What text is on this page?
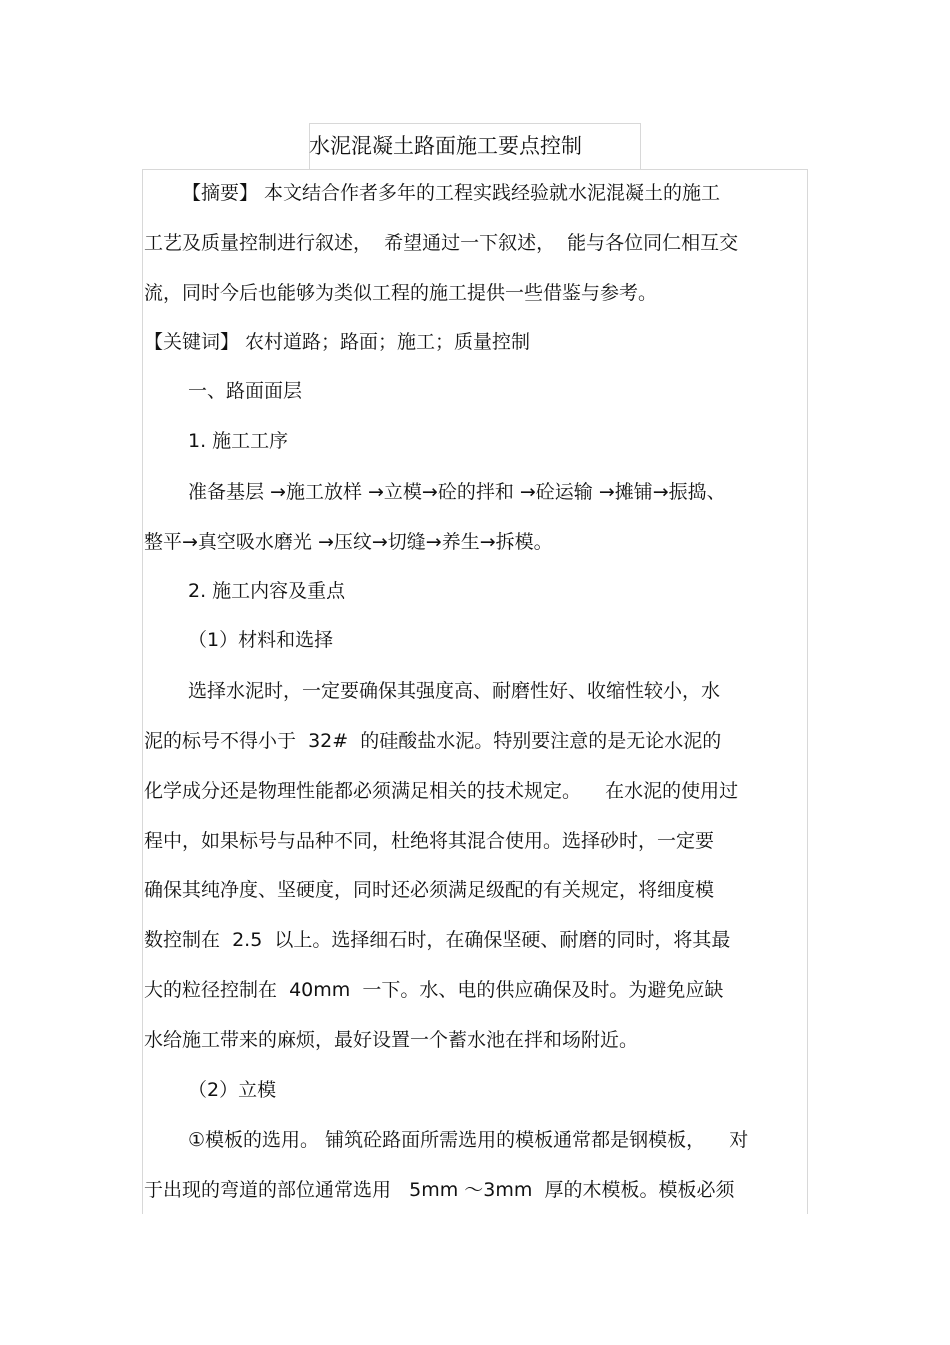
水泥混凝土路面施工要点控制
【摘要】 本文结合作者多年的工程实践经验就水泥混凝土的施工
工艺及质量控制进行叙述，  希望通过一下叙述，  能与各位同仁相互交
流，同时今后也能够为类似工程的施工提供一些借鉴与参考。
【关键词】 农村道路；路面；施工；质量控制
一、路面面层
1. 施工工序
准备基层 →施工放样 →立模→砼的拌和 →砼运输 →摊铺→振捣、
整平→真空吸水磨光 →压纹→切缝→养生→拆模。
2. 施工内容及重点
（1）材料和选择
选择水泥时，一定要确保其强度高、耐磨性好、收缩性较小，水
泥的标号不得小于  32#  的硅酸盐水泥。特别要注意的是无论水泥的
化学成分还是物理性能都必须满足相关的技术规定。    在水泥的使用过
程中，如果标号与品种不同，杜绝将其混合使用。选择砂时，一定要
确保其纯净度、坚硬度，同时还必须满足级配的有关规定，将细度模
数控制在  2.5  以上。选择细石时，在确保坚硬、耐磨的同时，将其最
大的粒径控制在  40mm  一下。水、电的供应确保及时。为避免应缺
水给施工带来的麻烦，最好设置一个蓄水池在拌和场附近。
（2）立模
①模板的选用。 铺筑砼路面所需选用的模板通常都是钢模板，    对
于出现的弯道的部位通常选用   5mm ～3mm  厚的木模板。模板必须
